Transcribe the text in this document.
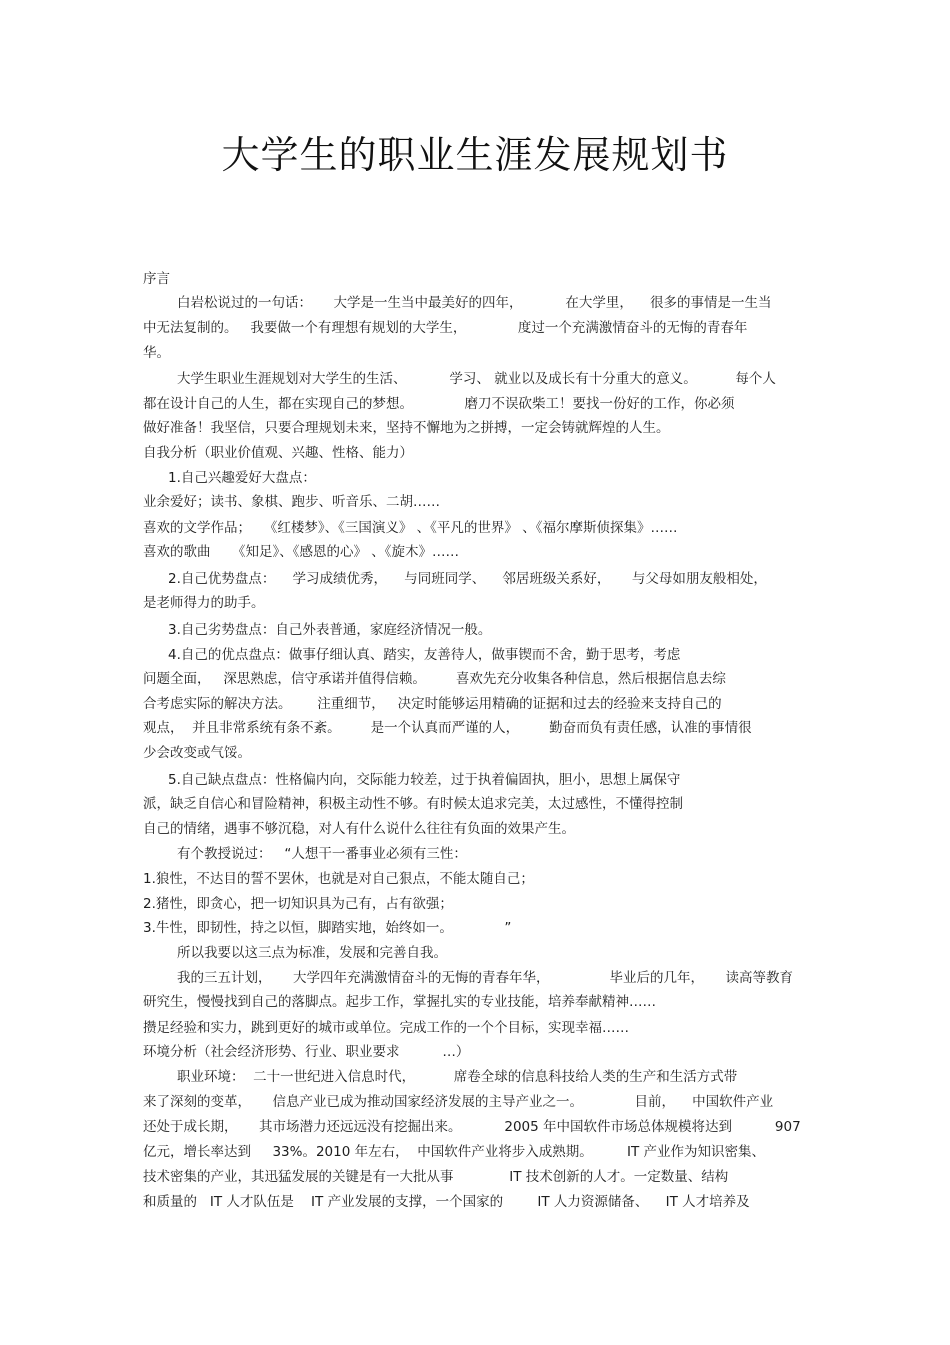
大学生的职业生涯发展规划书
序言
白岩松说过的一句话：     大学是一生当中最美好的四年，          在大学里，    很多的事情是一生当
中无法复制的。   我要做一个有理想有规划的大学生，            度过一个充满激情奋斗的无悔的青春年
华。
大学生职业生涯规划对大学生的生活、          学习、 就业以及成长有十分重大的意义。         每个人
都在设计自己的人生，都在实现自己的梦想。            磨刀不误砍柴工！要找一份好的工作，你必须
做好准备！我坚信，只要合理规划未来，坚持不懈地为之拼搏，一定会铸就辉煌的人生。
自我分析（职业价值观、兴趣、性格、能力）
1.自己兴趣爱好大盘点：
业余爱好；读书、象棋、跑步、听音乐、二胡……
喜欢的文学作品；   《红楼梦》、《三国演义》 、《平凡的世界》 、《福尔摩斯侦探集》……
喜欢的歌曲     《知足》、《感恩的心》 、《旋木》……
2.自己优势盘点：    学习成绩优秀，    与同班同学、    邻居班级关系好，     与父母如朋友般相处，
是老师得力的助手。
3.自己劣势盘点：自己外表普通，家庭经济情况一般。
4.自己的优点盘点：做事仔细认真、踏实，友善待人，做事锲而不舍，勤于思考，考虑
问题全面，   深思熟虑，信守承诺并值得信赖。       喜欢先充分收集各种信息，然后根据信息去综
合考虑实际的解决方法。      注重细节，   决定时能够运用精确的证据和过去的经验来支持自己的
观点，  并且非常系统有条不紊。       是一个认真而严谨的人，       勤奋而负有责任感，认准的事情很
少会改变或气馁。
5.自己缺点盘点：性格偏内向，交际能力较差，过于执着偏固执，胆小，思想上属保守
派，缺乏自信心和冒险精神，积极主动性不够。有时候太追求完美，太过感性，不懂得控制
自己的情绪，遇事不够沉稳，对人有什么说什么往往有负面的效果产生。
有个教授说过：   “人想干一番事业必须有三性：
1.狼性，不达目的誓不罢休，也就是对自己狠点，不能太随自己；
2.猪性，即贪心，把一切知识具为己有，占有欲强；
3.牛性，即韧性，持之以恒，脚踏实地，始终如一。            ”
所以我要以这三点为标准，发展和完善自我。
我的三五计划，     大学四年充满激情奋斗的无悔的青春年华，              毕业后的几年，     读高等教育
研究生，慢慢找到自己的落脚点。起步工作，掌握扎实的专业技能，培养奉献精神……
攒足经验和实力，跳到更好的城市或单位。完成工作的一个个目标，实现幸福……
环境分析（社会经济形势、行业、职业要求          …）
职业环境：  二十一世纪进入信息时代，         席卷全球的信息科技给人类的生产和生活方式带
来了深刻的变革，     信息产业已成为推动国家经济发展的主导产业之一。            目前，    中国软件产业
还处于成长期，     其市场潜力还远远没有挖掘出来。          2005 年中国软件市场总体规模将达到          907
亿元，增长率达到     33%。2010 年左右，  中国软件产业将步入成熟期。        IT 产业作为知识密集、
技术密集的产业，其迅猛发展的关键是有一大批从事             IT 技术创新的人才。一定数量、结构
和质量的   IT 人才队伍是    IT 产业发展的支撑，一个国家的        IT 人力资源储备、    IT 人才培养及
